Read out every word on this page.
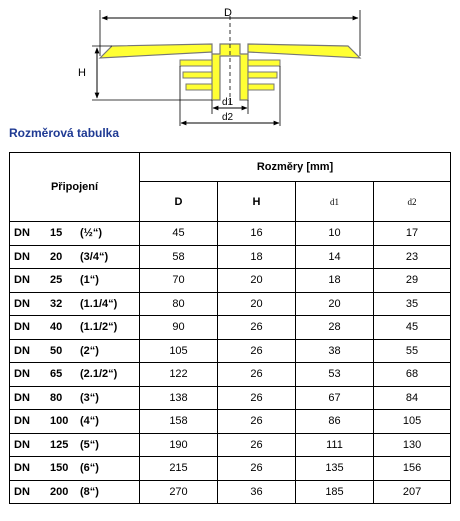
D
H
d1
d2
Rozměrová tabulka
Připojení	Rozměry [mm]			
	D	H	d1	d2
DN 15 (½“)	45	16	10	17
DN 20 (3/4“)	58	18	14	23
DN 25 (1“)	70	20	18	29
DN 32 (1.1/4“)	80	20	20	35
DN 40 (1.1/2“)	90	26	28	45
DN 50 (2“)	105	26	38	55
DN 65 (2.1/2“)	122	26	53	68
DN 80 (3“)	138	26	67	84
DN 100 (4“)	158	26	86	105
DN 125 (5“)	190	26	111	130
DN 150 (6“)	215	26	135	156
DN 200 (8“)	270	36	185	207
